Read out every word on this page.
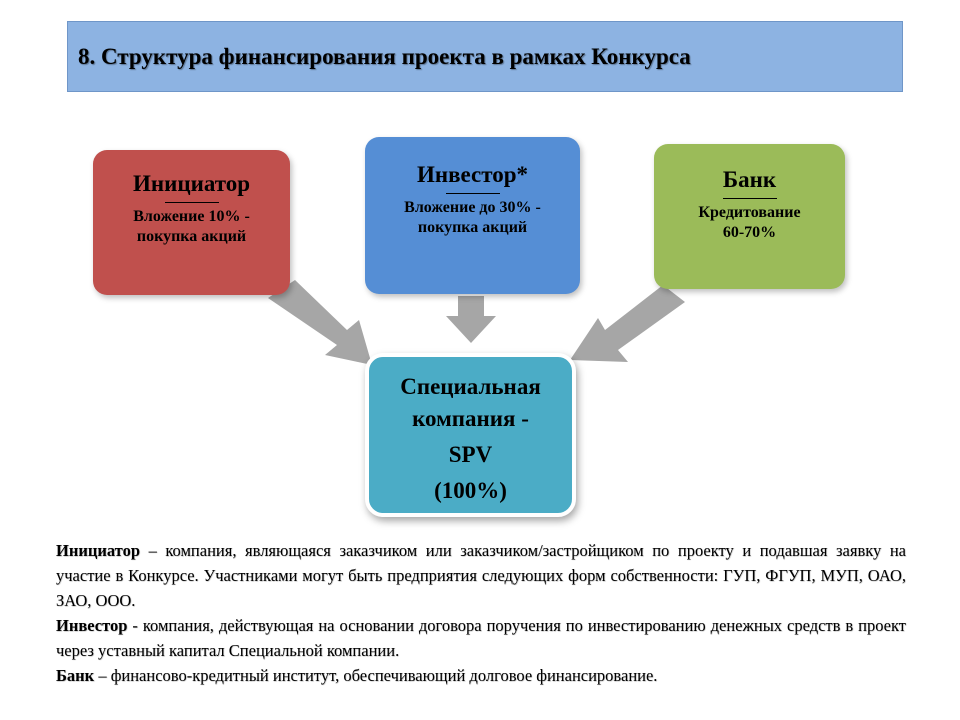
8. Структура финансирования проекта в рамках Конкурса
Инициатор
Вложение 10% -
покупка акций
Инвестор*
Вложение до 30% -
покупка акций
Банк
Кредитование
60-70%
Специальная
компания -
SPV
(100%)

Инициатор – компания, являющаяся заказчиком или заказчиком/застройщиком по проекту и подавшая заявку на участие в Конкурсе. Участниками могут быть предприятия следующих форм собственности: ГУП, ФГУП, МУП, ОАО, ЗАО, ООО.

Инвестор - компания, действующая на основании договора поручения по инвестированию денежных средств в проект через уставный капитал Специальной компании.

Банк – финансово-кредитный институт, обеспечивающий долговое финансирование.
